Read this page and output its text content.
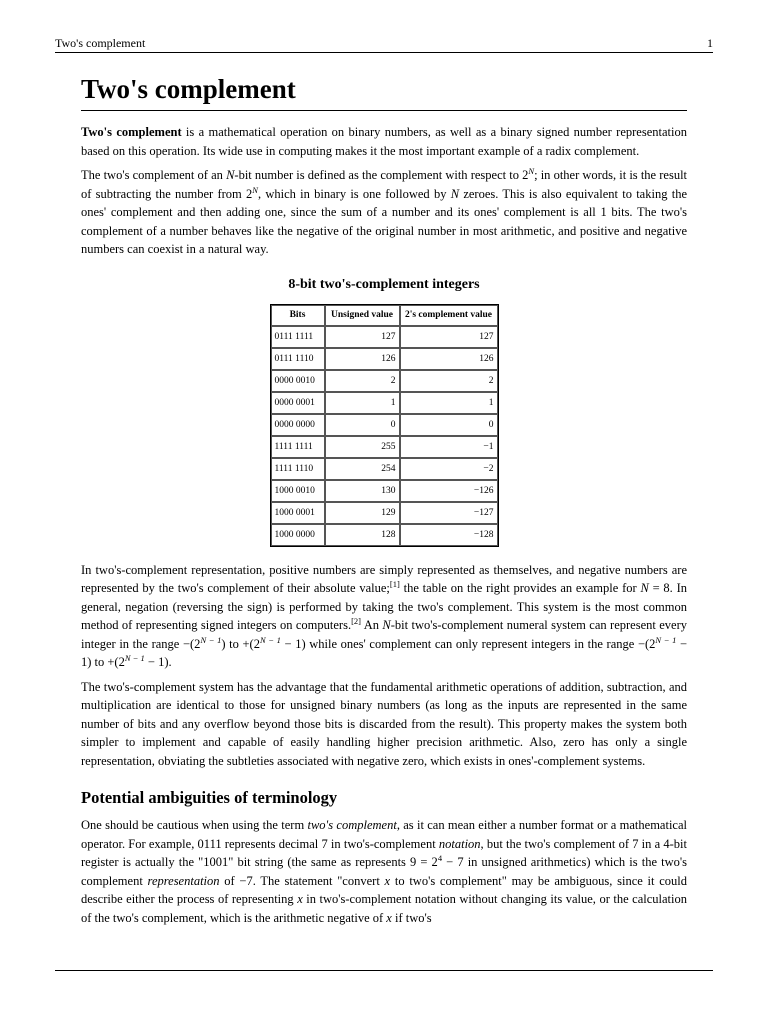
Two's complement	1
Two's complement

Two's complement is a mathematical operation on binary numbers, as well as a binary signed number representation based on this operation. Its wide use in computing makes it the most important example of a radix complement.

The two's complement of an N-bit number is defined as the complement with respect to $2^N$; in other words, it is the result of subtracting the number from $2^N$, which in binary is one followed by N zeroes. This is also equivalent to taking the ones' complement and then adding one, since the sum of a number and its ones' complement is all 1 bits. The two's complement of a number behaves like the negative of the original number in most arithmetic, and positive and negative numbers can coexist in a natural way.

8-bit two's-complement integers
Bits	Unsigned value	2's complement value
0111 1111	127	127
0111 1110	126	126
0000 0010	2	2
0000 0001	1	1
0000 0000	0	0
1111 1111	255	−1
1111 1110	254	−2
1000 0010	130	−126
1000 0001	129	−127
1000 0000	128	−128

In two's-complement representation, positive numbers are simply represented as themselves, and negative numbers are represented by the two's complement of their absolute value;[1] the table on the right provides an example for N = 8. In general, negation (reversing the sign) is performed by taking the two's complement. This system is the most common method of representing signed integers on computers.[2] An N-bit two's-complement numeral system can represent every integer in the range $-(2^{N - 1})$ to $+(2^{N - 1} - 1)$ while ones' complement can only represent integers in the range $-(2^{N - 1} - 1)$ to $+(2^{N - 1} - 1)$.

The two's-complement system has the advantage that the fundamental arithmetic operations of addition, subtraction, and multiplication are identical to those for unsigned binary numbers (as long as the inputs are represented in the same number of bits and any overflow beyond those bits is discarded from the result). This property makes the system both simpler to implement and capable of easily handling higher precision arithmetic. Also, zero has only a single representation, obviating the subtleties associated with negative zero, which exists in ones'-complement systems.

Potential ambiguities of terminology

One should be cautious when using the term two's complement, as it can mean either a number format or a mathematical operator. For example, 0111 represents decimal 7 in two's-complement notation, but the two's complement of 7 in a 4-bit register is actually the "1001" bit string (the same as represents $9 = 2^4 - 7$ in unsigned arithmetics) which is the two's complement representation of −7. The statement "convert x to two's complement" may be ambiguous, since it could describe either the process of representing x in two's-complement notation without changing its value, or the calculation of the two's complement, which is the arithmetic negative of x if two's
